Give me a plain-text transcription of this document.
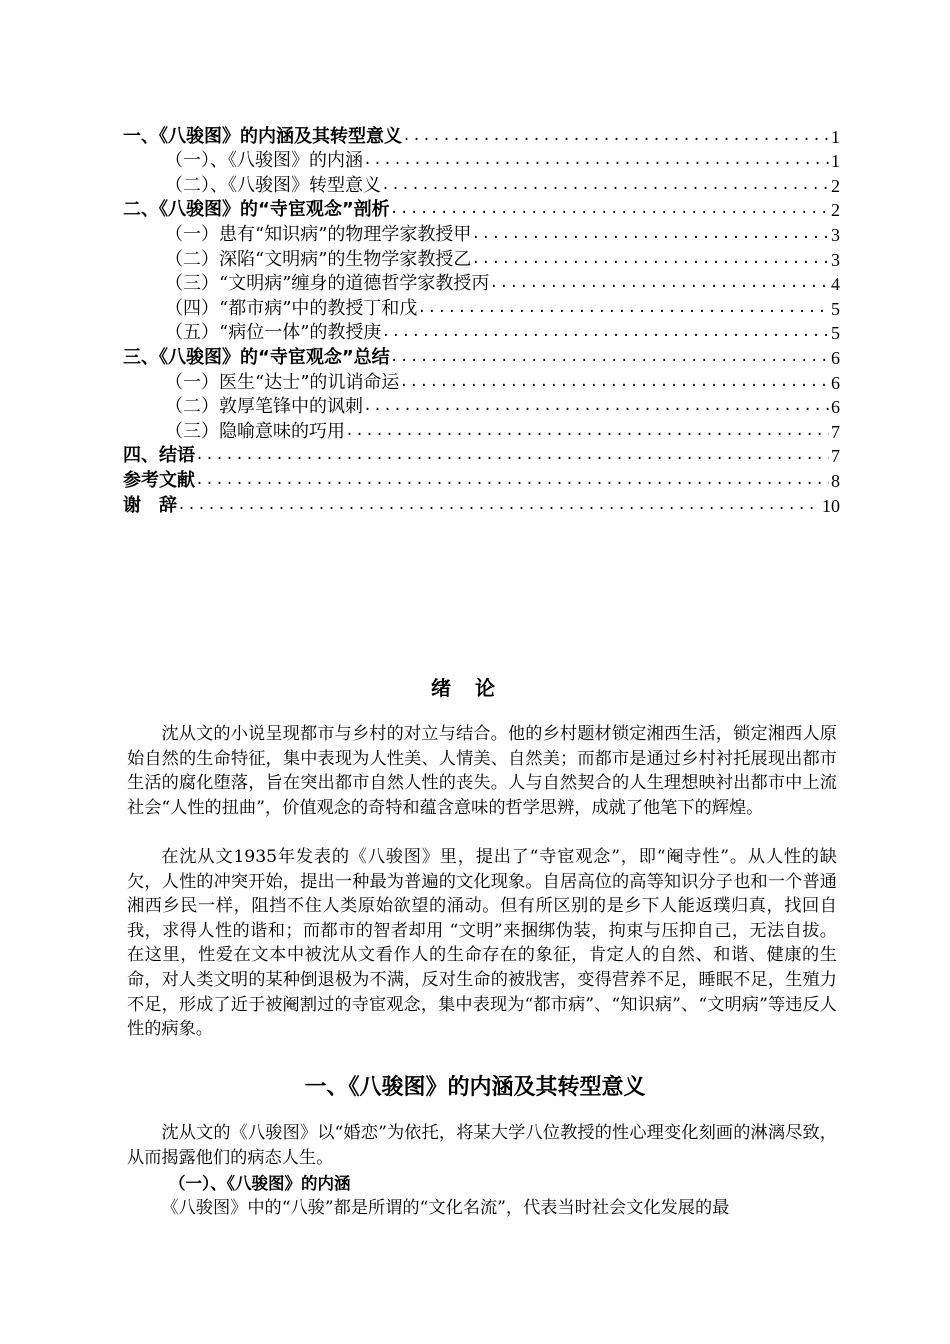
一、《八骏图》的内涵及其转型意义 .....	1
（一）、《八骏图》的内涵 .....	1
（二）、《八骏图》转型意义 .....	2
二、《八骏图》的“寺宦观念”剖析 .....	2
（一）患有“知识病”的物理学家教授甲 .....	3
（二）深陷“文明病”的生物学家教授乙 .....	3
（三）“文明病”缠身的道德哲学家教授丙 .....	4
（四）“都市病”中的教授丁和戊 .....	5
（五）“病位一体”的教授庚 .....	5
三、《八骏图》的“寺宦观念”总结 .....	6
（一）医生“达士”的讥诮命运 .....	6
（二）敦厚笔锋中的讽刺 .....	6
（三）隐喻意味的巧用 .....	7
四、结语 .....	7
参考文献 .....	8
谢　辞 .....	10
绪论
沈从文的小说呈现都市与乡村的对立与结合。他的乡村题材锁定湘西生活，锁定湘西人原始自然的生命特征，集中表现为人性美、人情美、自然美；而都市是通过乡村衬托展现出都市生活的腐化堕落，旨在突出都市自然人性的丧失。人与自然契合的人生理想映衬出都市中上流社会“人性的扭曲”，价值观念的奇特和蕴含意味的哲学思辨，成就了他笔下的辉煌。
在沈从文1935年发表的《八骏图》里，提出了“寺宦观念”，即“阉寺性”。从人性的缺欠，人性的冲突开始，提出一种最为普遍的文化现象。自居高位的高等知识分子也和一个普通湘西乡民一样，阻挡不住人类原始欲望的涌动。但有所区别的是乡下人能返璞归真，找回自我，求得人性的谐和；而都市的智者却用 “文明”来捆绑伪装，拘束与压抑自己，无法自拔。在这里，性爱在文本中被沈从文看作人的生命存在的象征，肯定人的自然、和谐、健康的生命，对人类文明的某种倒退极为不满，反对生命的被戕害，变得营养不足，睡眠不足，生殖力不足，形成了近于被阉割过的寺宦观念，集中表现为“都市病”、“知识病”、“文明病”等违反人性的病象。
一、《八骏图》的内涵及其转型意义
沈从文的《八骏图》以“婚恋”为依托，将某大学八位教授的性心理变化刻画的淋漓尽致，从而揭露他们的病态人生。
（一）、《八骏图》的内涵
《八骏图》中的“八骏”都是所谓的“文化名流”，代表当时社会文化发展的最
